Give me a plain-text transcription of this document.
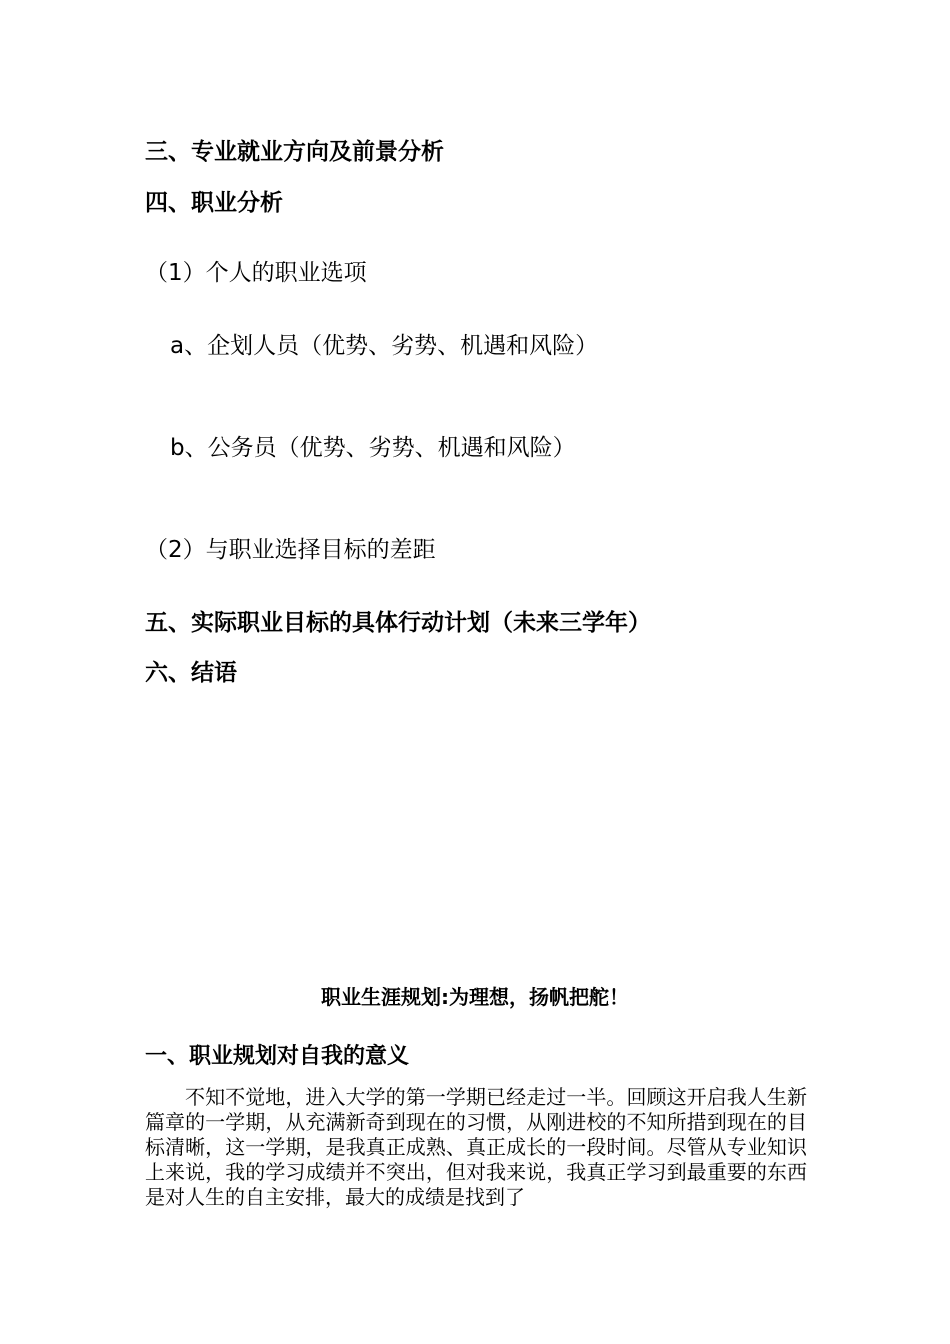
三、专业就业方向及前景分析
四、职业分析
（1）个人的职业选项
a、企划人员（优势、劣势、机遇和风险）
b、公务员（优势、劣势、机遇和风险）
（2）与职业选择目标的差距
五、实际职业目标的具体行动计划（未来三学年）
六、结语
职业生涯规划:为理想，扬帆把舵！
一、职业规划对自我的意义

不知不觉地，进入大学的第一学期已经走过一半。回顾这开启我人生新篇章的一学期，从充满新奇到现在的习惯，从刚进校的不知所措到现在的目标清晰，这一学期，是我真正成熟、真正成长的一段时间。尽管从专业知识上来说，我的学习成绩并不突出，但对我来说，我真正学习到最重要的东西是对人生的自主安排，最大的成绩是找到了
